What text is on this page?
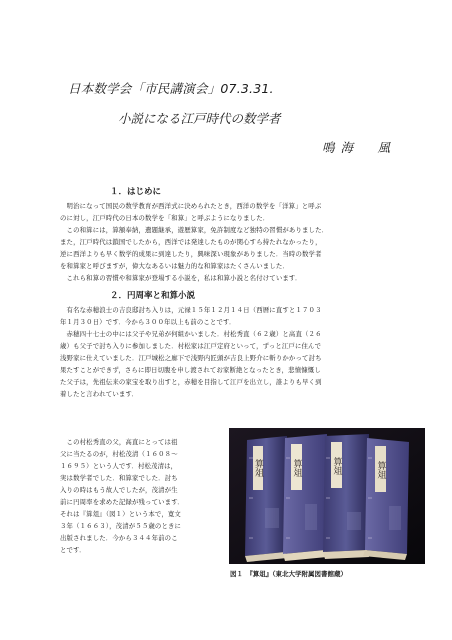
日本数学会「市民講演会」07.3.31.
小説になる江戸時代の数学者
鳴海　風
１．はじめに
　明治になって国民の数学教育が西洋式に決められたとき，西洋の数学を「洋算」と呼ぶ
のに対し，江戸時代の日本の数学を「和算」と呼ぶようになりました．
　この和算には，算額奉納，遺題継承，遊歴算家，免許制度など独特の習慣がありました．
また，江戸時代は鎖国でしたから，西洋では発達したものが関心すら持たれなかったり，
逆に西洋よりも早く数学的成果に到達したり，興味深い現象がありました．当時の数学者
を和算家と呼びますが，偉大なあるいは魅力的な和算家はたくさんいました．
　これら和算の習慣や和算家が登場する小説を，私は和算小説と名付けています．
２．円周率と和算小説
　有名な赤穂浪士の吉良邸討ち入りは，元禄１５年１２月１４日（西暦に直すと１７０３
年１月３０日）です．今から３００年以上も前のことです．
　赤穂四十七士の中には父子や兄弟が何組かいました．村松秀直（６２歳）と高直（２６
歳）も父子で討ち入りに参加しました．村松家は江戸定府といって，ずっと江戸に住んで
浅野家に仕えていました．江戸城松之廊下で浅野内匠頭が吉良上野介に斬りかかって討ち
果たすことができず，さらに即日切腹を申し渡されてお家断絶となったとき，悲憤慷慨し
た父子は，先祖伝来の家宝を取り出すと，赤穂を目指して江戸を出立し，誰よりも早く到
着したと言われています．
　この村松秀直の父，高直にとっては祖
父に当たるのが，村松茂清（１６０８～
１６９５）という人です．村松茂清は，
実は数学者でした．和算家でした．討ち
入りの時はもう故人でしたが，茂清が生
前に円周率を求めた記録が残っています．
それは『算俎』（図１）という本で，寛文
３年（１６６３），茂清が５５歳のときに
出版されました．今から３４４年前のこ
とです．
算俎	算俎	算俎	算俎
図１　『算俎』（東北大学附属図書館蔵）
